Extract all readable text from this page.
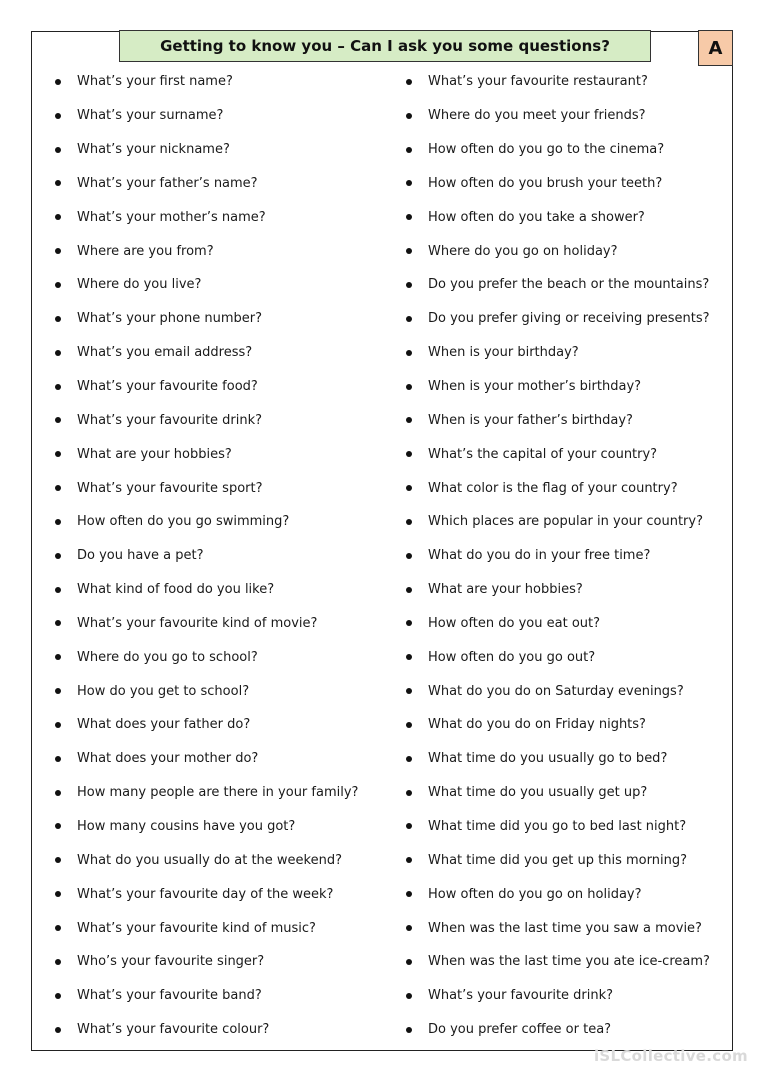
Getting to know you – Can I ask you some questions?	A
What’s your first name?
What’s your surname?
What’s your nickname?
What’s your father’s name?
What’s your mother’s name?
Where are you from?
Where do you live?
What’s your phone number?
What’s you email address?
What’s your favourite food?
What’s your favourite drink?
What are your hobbies?
What’s your favourite sport?
How often do you go swimming?
Do you have a pet?
What kind of food do you like?
What’s your favourite kind of movie?
Where do you go to school?
How do you get to school?
What does your father do?
What does your mother do?
How many people are there in your family?
How many cousins have you got?
What do you usually do at the weekend?
What’s your favourite day of the week?
What’s your favourite kind of music?
Who’s your favourite singer?
What’s your favourite band?
What’s your favourite colour?
What’s your favourite restaurant?
Where do you meet your friends?
How often do you go to the cinema?
How often do you brush your teeth?
How often do you take a shower?
Where do you go on holiday?
Do you prefer the beach or the mountains?
Do you prefer giving or receiving presents?
When is your birthday?
When is your mother’s birthday?
When is your father’s birthday?
What’s the capital of your country?
What color is the flag of your country?
Which places are popular in your country?
What do you do in your free time?
What are your hobbies?
How often do you eat out?
How often do you go out?
What do you do on Saturday evenings?
What do you do on Friday nights?
What time do you usually go to bed?
What time do you usually get up?
What time did you go to bed last night?
What time did you get up this morning?
How often do you go on holiday?
When was the last time you saw a movie?
When was the last time you ate ice-cream?
What’s your favourite drink?
Do you prefer coffee or tea?
iSLCollective.com
